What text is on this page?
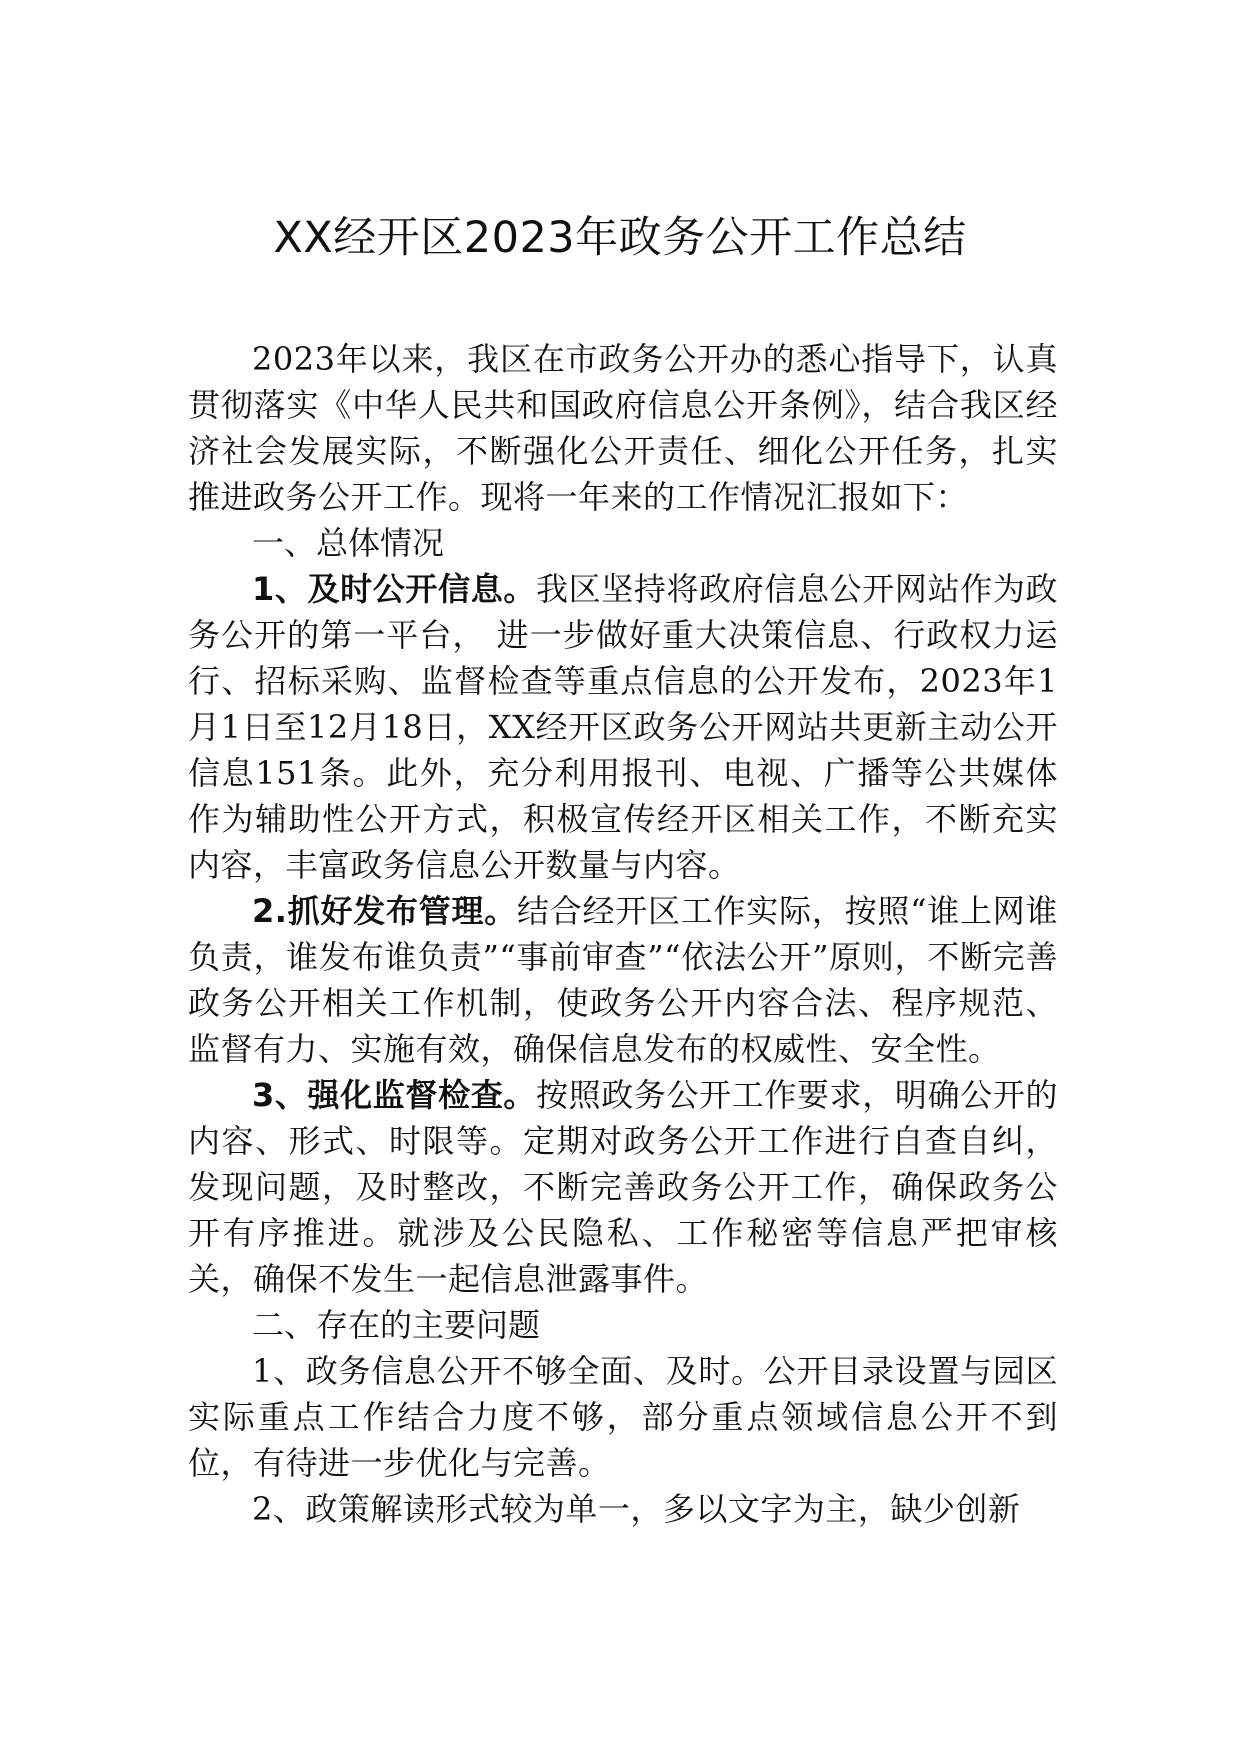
XX经开区2023年政务公开工作总结

2023年以来，我区在市政务公开办的悉心指导下，认真贯彻落实《中华人民共和国政府信息公开条例》，结合我区经济社会发展实际，不断强化公开责任、细化公开任务，扎实推进政务公开工作。现将一年来的工作情况汇报如下：

一、总体情况

1、及时公开信息。我区坚持将政府信息公开网站作为政务公开的第一平台， 进一步做好重大决策信息、行政权力运行、招标采购、监督检查等重点信息的公开发布，2023年1月1日至12月18日，XX经开区政务公开网站共更新主动公开信息151条。此外，充分利用报刊、电视、广播等公共媒体作为辅助性公开方式，积极宣传经开区相关工作，不断充实内容，丰富政务信息公开数量与内容。

2.抓好发布管理。结合经开区工作实际，按照“谁上网谁负责，谁发布谁负责”“事前审查”“依法公开”原则，不断完善政务公开相关工作机制，使政务公开内容合法、程序规范、监督有力、实施有效，确保信息发布的权威性、安全性。

3、强化监督检查。按照政务公开工作要求，明确公开的内容、形式、时限等。定期对政务公开工作进行自查自纠，发现问题，及时整改，不断完善政务公开工作，确保政务公开有序推进。就涉及公民隐私、工作秘密等信息严把审核关，确保不发生一起信息泄露事件。

二、存在的主要问题

1、政务信息公开不够全面、及时。公开目录设置与园区实际重点工作结合力度不够，部分重点领域信息公开不到位，有待进一步优化与完善。

2、政策解读形式较为单一，多以文字为主，缺少创新
